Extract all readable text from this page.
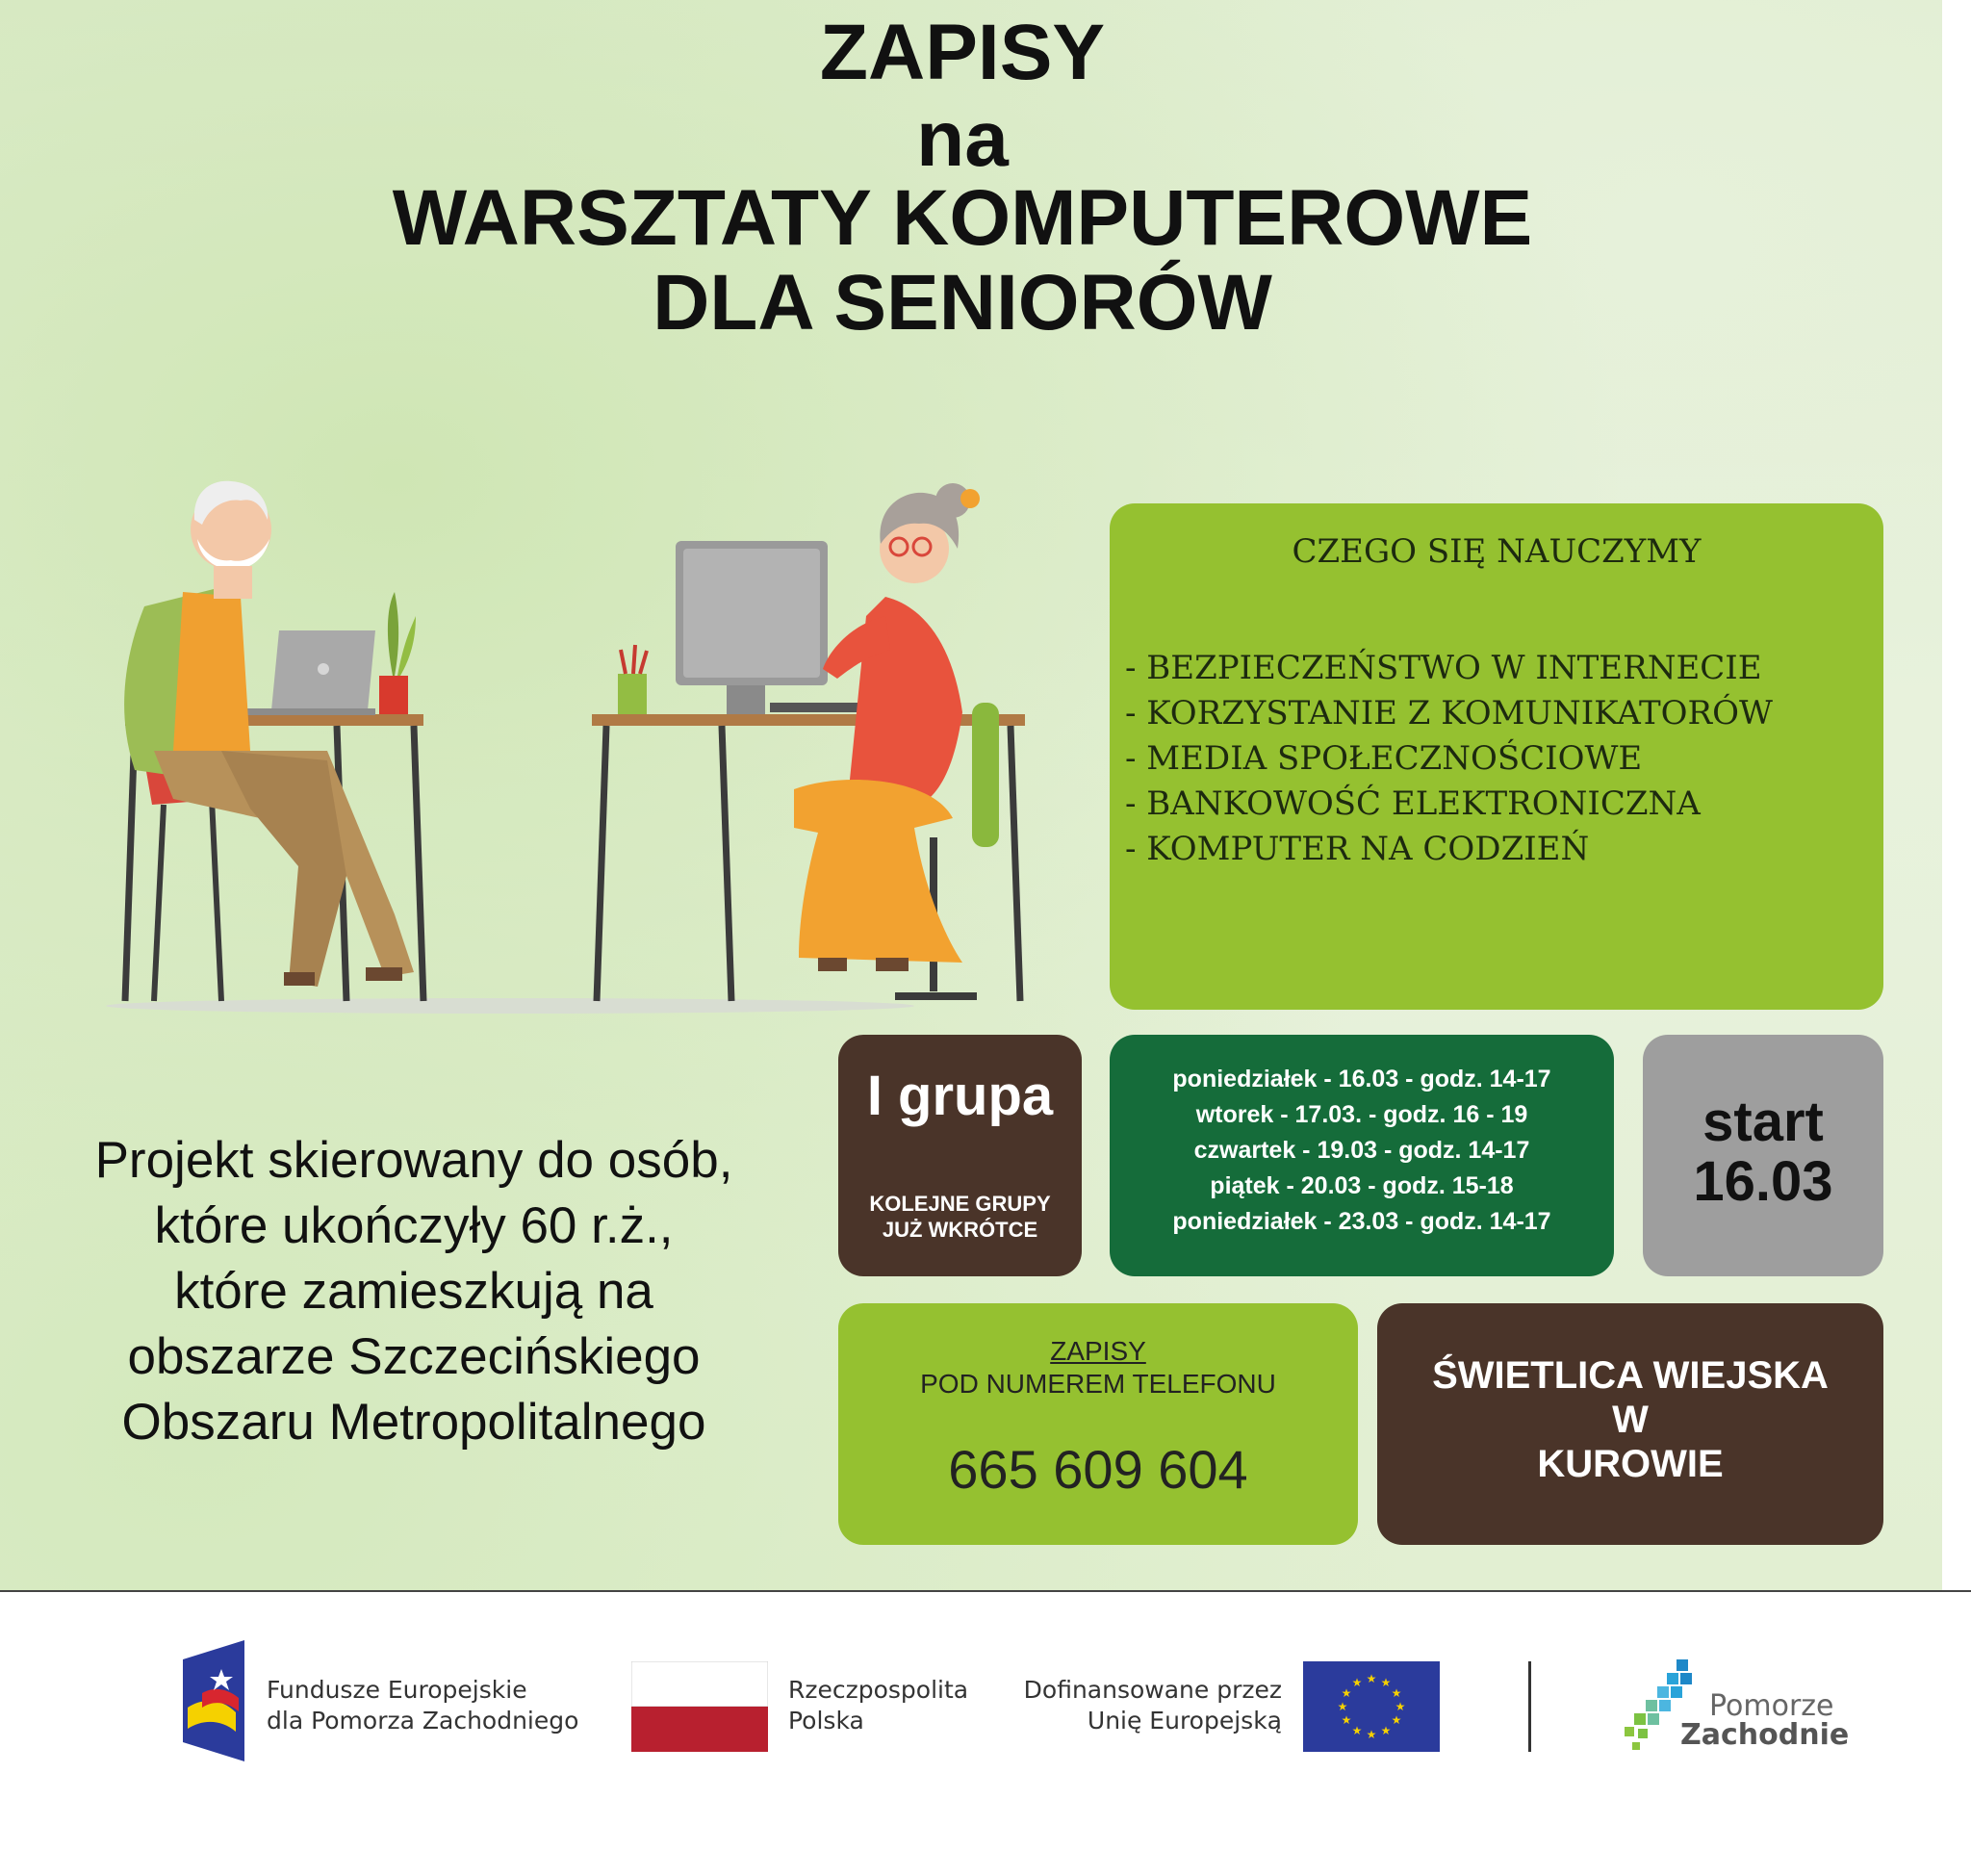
ZAPISY
na
WARSZTATY KOMPUTEROWE
DLA SENIORÓW
CZEGO SIĘ NAUCZYMY
- BEZPIECZEŃSTWO W INTERNECIE
- KORZYSTANIE Z KOMUNIKATORÓW
- MEDIA SPOŁECZNOŚCIOWE
- BANKOWOŚĆ ELEKTRONICZNA
- KOMPUTER NA CODZIEŃ
I grupa
KOLEJNE GRUPY
JUŻ WKRÓTCE
poniedziałek - 16.03 - godz. 14-17
wtorek - 17.03. - godz. 16 - 19
czwartek - 19.03 - godz. 14-17
piątek - 20.03 - godz. 15-18
poniedziałek - 23.03 - godz. 14-17
start
16.03
ZAPISY
POD NUMEREM TELEFONU
665 609 604
ŚWIETLICA WIEJSKA
W
KUROWIE
Projekt skierowany do osób,
które ukończyły 60 r.ż.,
które zamieszkują na
obszarze Szczecińskiego
Obszaru Metropolitalnego
Fundusze Europejskie
dla Pomorza Zachodniego
Rzeczpospolita
Polska
Dofinansowane przez
Unię Europejską
★ ★
★
★
★
★
★
★
★
★
★
★
Pomorze
Zachodnie
